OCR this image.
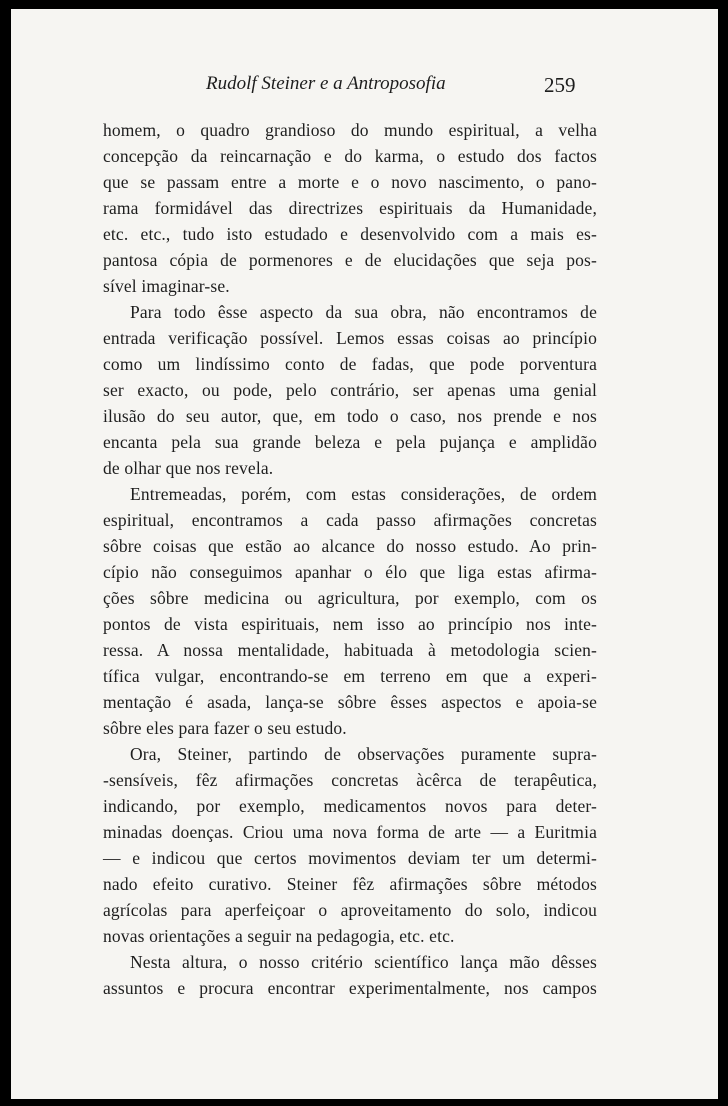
Rudolf Steiner e a Antroposofia	259
homem, o quadro grandioso do mundo espiritual, a velha
concepção da reincarnação e do karma, o estudo dos factos
que se passam entre a morte e o novo nascimento, o pano-
rama formidável das directrizes espirituais da Humanidade,
etc. etc., tudo isto estudado e desenvolvido com a mais es-
pantosa cópia de pormenores e de elucidações que seja pos-
sível imaginar-se.
Para todo êsse aspecto da sua obra, não encontramos de
entrada verificação possível. Lemos essas coisas ao princípio
como um lindíssimo conto de fadas, que pode porventura
ser exacto, ou pode, pelo contrário, ser apenas uma genial
ilusão do seu autor, que, em todo o caso, nos prende e nos
encanta pela sua grande beleza e pela pujança e amplidão
de olhar que nos revela.
Entremeadas, porém, com estas considerações, de ordem
espiritual, encontramos a cada passo afirmações concretas
sôbre coisas que estão ao alcance do nosso estudo. Ao prin-
cípio não conseguimos apanhar o élo que liga estas afirma-
ções sôbre medicina ou agricultura, por exemplo, com os
pontos de vista espirituais, nem isso ao princípio nos inte-
ressa. A nossa mentalidade, habituada à metodologia scien-
tífica vulgar, encontrando-se em terreno em que a experi-
mentação é asada, lança-se sôbre êsses aspectos e apoia-se
sôbre eles para fazer o seu estudo.
Ora, Steiner, partindo de observações puramente supra-
-sensíveis, fêz afirmações concretas àcêrca de terapêutica,
indicando, por exemplo, medicamentos novos para deter-
minadas doenças. Criou uma nova forma de arte — a Euritmia
— e indicou que certos movimentos deviam ter um determi-
nado efeito curativo. Steiner fêz afirmações sôbre métodos
agrícolas para aperfeiçoar o aproveitamento do solo, indicou
novas orientações a seguir na pedagogia, etc. etc.
Nesta altura, o nosso critério scientífico lança mão dêsses
assuntos e procura encontrar experimentalmente, nos campos
